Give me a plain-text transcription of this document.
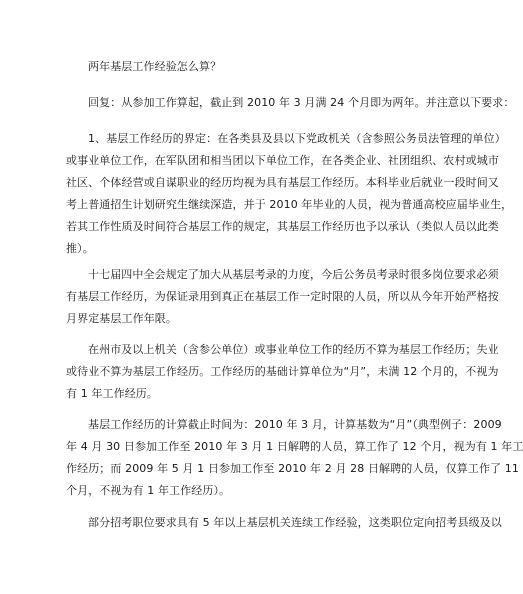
两年基层工作经验怎么算？

回复：从参加工作算起，截止到 2010 年 3 月满 24 个月即为两年。并注意以下要求：

1、基层工作经历的界定：在各类县及县以下党政机关（含参照公务员法管理的单位）
或事业单位工作，在军队团和相当团以下单位工作，在各类企业、社团组织、农村或城市
社区、个体经营或自谋职业的经历均视为具有基层工作经历。本科毕业后就业一段时间又
考上普通招生计划研究生继续深造，并于 2010 年毕业的人员，视为普通高校应届毕业生，
若其工作性质及时间符合基层工作的规定，其基层工作经历也予以承认（类似人员以此类
推）。

十七届四中全会规定了加大从基层考录的力度，今后公务员考录时很多岗位要求必须
有基层工作经历，为保证录用到真正在基层工作一定时限的人员，所以从今年开始严格按
月界定基层工作年限。

在州市及以上机关（含参公单位）或事业单位工作的经历不算为基层工作经历；失业
或待业不算为基层工作经历。工作经历的基础计算单位为“月”，未满 12 个月的，不视为
有 1 年工作经历。

基层工作经历的计算截止时间为：2010 年 3 月，计算基数为“月”（典型例子：2009
年 4 月 30 日参加工作至 2010 年 3 月 1 日解聘的人员，算工作了 12 个月，视为有 1 年工
作经历；而 2009 年 5 月 1 日参加工作至 2010 年 2 月 28 日解聘的人员，仅算工作了 11
个月，不视为有 1 年工作经历）。

部分招考职位要求具有 5 年以上基层机关连续工作经验，这类职位定向招考县级及以
